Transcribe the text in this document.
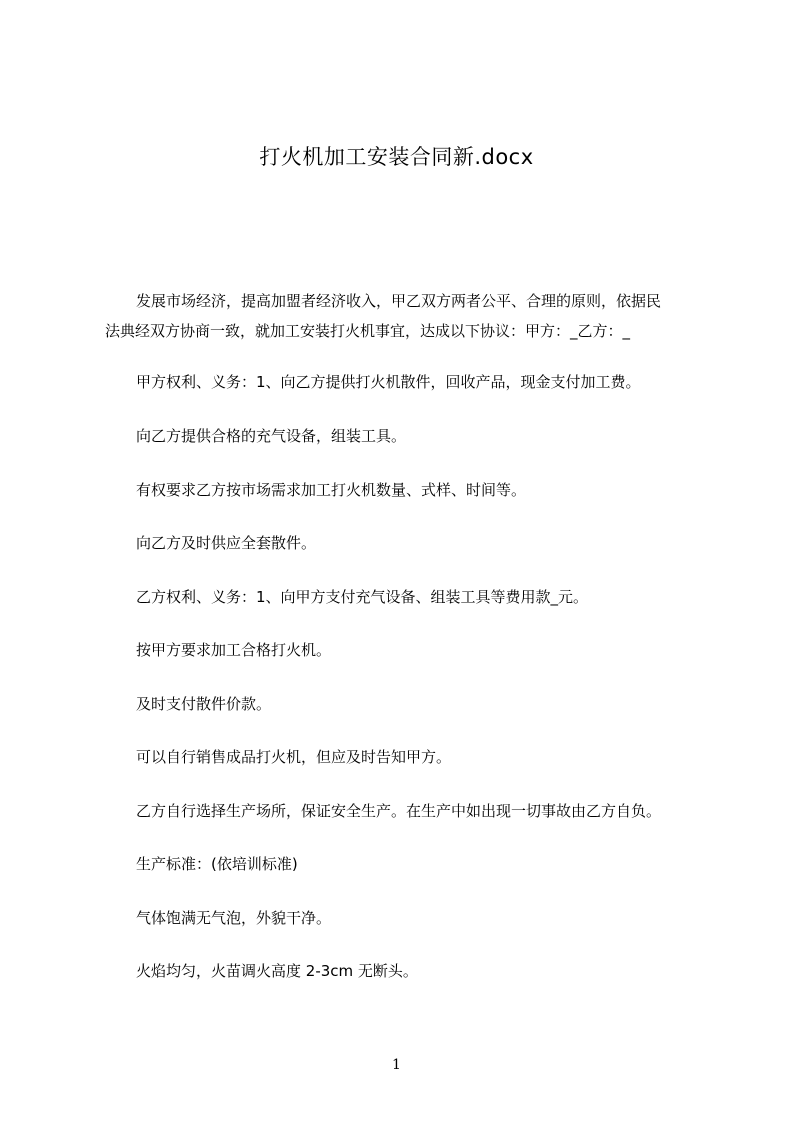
打火机加工安装合同新.docx
发展市场经济，提高加盟者经济收入，甲乙双方两者公平、合理的原则，依据民
法典经双方协商一致，就加工安装打火机事宜，达成以下协议：甲方：_乙方：_
甲方权利、义务：1、向乙方提供打火机散件，回收产品，现金支付加工费。
向乙方提供合格的充气设备，组装工具。
有权要求乙方按市场需求加工打火机数量、式样、时间等。
向乙方及时供应全套散件。
乙方权利、义务：1、向甲方支付充气设备、组装工具等费用款_元。
按甲方要求加工合格打火机。
及时支付散件价款。
可以自行销售成品打火机，但应及时告知甲方。
乙方自行选择生产场所，保证安全生产。在生产中如出现一切事故由乙方自负。
生产标准：(依培训标准)
气体饱满无气泡，外貌干净。
火焰均匀，火苗调火高度 2-3cm 无断头。
1
